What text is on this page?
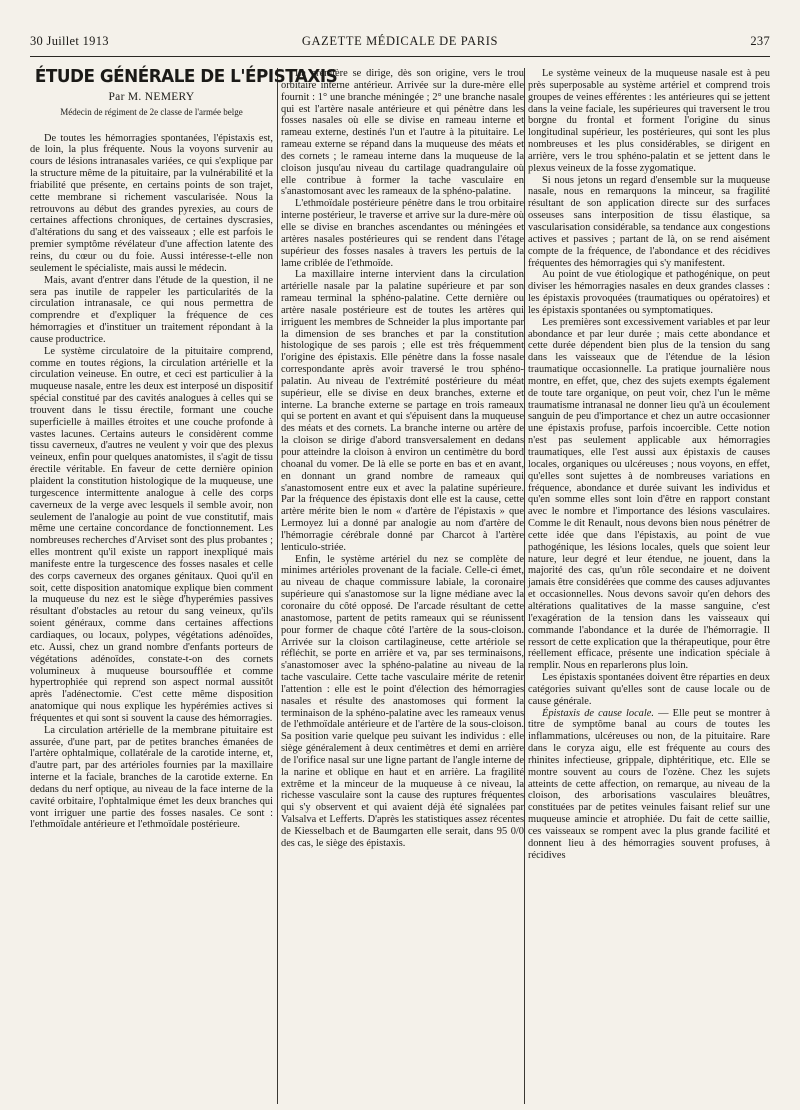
30 Juillet 1913	GAZETTE MÉDICALE DE PARIS	237
ÉTUDE GÉNÉRALE DE L'ÉPISTAXIS
Par M. NEMERY
Médecin de régiment de 2e classe de l'armée belge

De toutes les hémorragies spontanées, l'épistaxis est, de loin, la plus fréquente. Nous la voyons survenir au cours de lésions intranasales variées, ce qui s'explique par la structure même de la pituitaire, par la vulnérabilité et la friabilité que présente, en certains points de son trajet, cette membrane si richement vascularisée. Nous la retrouvons au début des grandes pyrexies, au cours de certaines affections chroniques, de certaines dyscrasies, d'altérations du sang et des vaisseaux ; elle est parfois le premier symptôme révélateur d'une affection latente des reins, du cœur ou du foie. Aussi intéresse-t-elle non seulement le spécialiste, mais aussi le médecin.

Mais, avant d'entrer dans l'étude de la question, il ne sera pas inutile de rappeler les particularités de la circulation intranasale, ce qui nous permettra de comprendre et d'expliquer la fréquence de ces hémorragies et d'instituer un traitement répondant à la cause productrice.

Le système circulatoire de la pituitaire comprend, comme en toutes régions, la circulation artérielle et la circulation veineuse. En outre, et ceci est particulier à la muqueuse nasale, entre les deux est interposé un dispositif spécial constitué par des cavités analogues à celles qui se trouvent dans le tissu érectile, formant une couche superficielle à mailles étroites et une couche profonde à vastes lacunes. Certains auteurs le considèrent comme tissu caverneux, d'autres ne veulent y voir que des plexus veineux, enfin pour quelques anatomistes, il s'agit de tissu érectile véritable. En faveur de cette dernière opinion plaident la constitution histologique de la muqueuse, une turgescence intermittente analogue à celle des corps caverneux de la verge avec lesquels il semble avoir, non seulement de l'analogie au point de vue constitutif, mais même une certaine concordance de fonctionnement. Les nombreuses recherches d'Arviset sont des plus probantes ; elles montrent qu'il existe un rapport inexpliqué mais manifeste entre la turgescence des fosses nasales et celle des corps caverneux des organes génitaux. Quoi qu'il en soit, cette disposition anatomique explique bien comment la muqueuse du nez est le siège d'hyperémies passives résultant d'obstacles au retour du sang veineux, qu'ils soient généraux, comme dans certaines affections cardiaques, ou locaux, polypes, végétations adénoïdes, etc. Aussi, chez un grand nombre d'enfants porteurs de végétations adénoïdes, constate-t-on des cornets volumineux à muqueuse boursoufflée et comme hypertrophiée qui reprend son aspect normal aussitôt après l'adénectomie. C'est cette même disposition anatomique qui nous explique les hypérémies actives si fréquentes et qui sont si souvent la cause des hémorragies.

La circulation artérielle de la membrane pituitaire est assurée, d'une part, par de petites branches émanées de l'artère ophtalmique, collatérale de la carotide interne, et, d'autre part, par des artérioles fournies par la maxillaire interne et la faciale, branches de la carotide externe. En dedans du nerf optique, au niveau de la face interne de la cavité orbitaire, l'ophtalmique émet les deux branches qui vont irriguer une partie des fosses nasales. Ce sont : l'ethmoïdale antérieure et l'ethmoïdale postérieure.

La première se dirige, dès son origine, vers le trou orbitaire interne antérieur. Arrivée sur la dure-mère elle fournit : 1° une branche méningée ; 2° une branche nasale qui est l'artère nasale antérieure et qui pénètre dans les fosses nasales où elle se divise en rameau interne et rameau externe, destinés l'un et l'autre à la pituitaire. Le rameau externe se répand dans la muqueuse des méats et des cornets ; le rameau interne dans la muqueuse de la cloison jusqu'au niveau du cartilage quadrangulaire où elle contribue à former la tache vasculaire en s'anastomosant avec les rameaux de la sphéno-palatine.

L'ethmoïdale postérieure pénètre dans le trou orbitaire interne postérieur, le traverse et arrive sur la dure-mère où elle se divise en branches ascendantes ou méningées et artères nasales postérieures qui se rendent dans l'étage supérieur des fosses nasales à travers les pertuis de la lame criblée de l'ethmoïde.

La maxillaire interne intervient dans la circulation artérielle nasale par la palatine supérieure et par son rameau terminal la sphéno-palatine. Cette dernière ou artère nasale postérieure est de toutes les artères qui irriguent les membres de Schneider la plus importante par la dimension de ses branches et par la constitution histologique de ses parois ; elle est très fréquemment l'origine des épistaxis. Elle pénètre dans la fosse nasale correspondante après avoir traversé le trou sphéno-palatin. Au niveau de l'extrémité postérieure du méat supérieur, elle se divise en deux branches, externe et interne. La branche externe se partage en trois rameaux qui se portent en avant et qui s'épuisent dans la muqueuse des méats et des cornets. La branche interne ou artère de la cloison se dirige d'abord transversalement en dedans pour atteindre la cloison à environ un centimètre du bord choanal du vomer. De là elle se porte en bas et en avant, en donnant un grand nombre de rameaux qui s'anastomosent entre eux et avec la palatine supérieure. Par la fréquence des épistaxis dont elle est la cause, cette artère mérite bien le nom « d'artère de l'épistaxis » que Lermoyez lui a donné par analogie au nom d'artère de l'hémorragie cérébrale donné par Charcot à l'artère lenticulo-striée.

Enfin, le système artériel du nez se complète de minimes artérioles provenant de la faciale. Celle-ci émet, au niveau de chaque commissure labiale, la coronaire supérieure qui s'anastomose sur la ligne médiane avec la coronaire du côté opposé. De l'arcade résultant de cette anastomose, partent de petits rameaux qui se réunissent pour former de chaque côté l'artère de la sous-cloison. Arrivée sur la cloison cartilagineuse, cette artériole se réfléchit, se porte en arrière et va, par ses terminaisons, s'anastomoser avec la sphéno-palatine au niveau de la tache vasculaire. Cette tache vasculaire mérite de retenir l'attention : elle est le point d'élection des hémorragies nasales et résulte des anastomoses qui forment la terminaison de la sphéno-palatine avec les rameaux venus de l'ethmoïdale antérieure et de l'artère de la sous-cloison. Sa position varie quelque peu suivant les individus : elle siège généralement à deux centimètres et demi en arrière de l'orifice nasal sur une ligne partant de l'angle interne de la narine et oblique en haut et en arrière. La fragilité extrême et la minceur de la muqueuse à ce niveau, la richesse vasculaire sont la cause des ruptures fréquentes qui s'y observent et qui avaient déjà été signalées par Valsalva et Lefferts. D'après les statistiques assez récentes de Kiesselbach et de Baumgarten elle serait, dans 95 0/0 des cas, le siège des épistaxis.

Le système veineux de la muqueuse nasale est à peu près superposable au système artériel et comprend trois groupes de veines efférentes : les antérieures qui se jettent dans la veine faciale, les supérieures qui traversent le trou borgne du frontal et forment l'origine du sinus longitudinal supérieur, les postérieures, qui sont les plus nombreuses et les plus considérables, se dirigent en arrière, vers le trou sphéno-palatin et se jettent dans le plexus veineux de la fosse zygomatique.

Si nous jetons un regard d'ensemble sur la muqueuse nasale, nous en remarquons la minceur, sa fragilité résultant de son application directe sur des surfaces osseuses sans interposition de tissu élastique, sa vascularisation considérable, sa tendance aux congestions actives et passives ; partant de là, on se rend aisément compte de la fréquence, de l'abondance et des récidives fréquentes des hémorragies qui s'y manifestent.

Au point de vue étiologique et pathogénique, on peut diviser les hémorragies nasales en deux grandes classes : les épistaxis provoquées (traumatiques ou opératoires) et les épistaxis spontanées ou symptomatiques.

Les premières sont excessivement variables et par leur abondance et par leur durée ; mais cette abondance et cette durée dépendent bien plus de la tension du sang dans les vaisseaux que de l'étendue de la lésion traumatique occasionnelle. La pratique journalière nous montre, en effet, que, chez des sujets exempts également de toute tare organique, on peut voir, chez l'un le même traumatisme intranasal ne donner lieu qu'à un écoulement sanguin de peu d'importance et chez un autre occasionner une épistaxis profuse, parfois incoercible. Cette notion n'est pas seulement applicable aux hémorragies traumatiques, elle l'est aussi aux épistaxis de causes locales, organiques ou ulcéreuses ; nous voyons, en effet, qu'elles sont sujettes à de nombreuses variations en fréquence, abondance et durée suivant les individus et qu'en somme elles sont loin d'être en rapport constant avec le nombre et l'importance des lésions vasculaires. Comme le dit Renault, nous devons bien nous pénétrer de cette idée que dans l'épistaxis, au point de vue pathogénique, les lésions locales, quels que soient leur nature, leur degré et leur étendue, ne jouent, dans la majorité des cas, qu'un rôle secondaire et ne doivent jamais être considérées que comme des causes adjuvantes et occasionnelles. Nous devons savoir qu'en dehors des altérations qualitatives de la masse sanguine, c'est l'exagération de la tension dans les vaisseaux qui commande l'abondance et la durée de l'hémorragie. Il ressort de cette explication que la thérapeutique, pour être réellement efficace, présente une indication spéciale à remplir. Nous en reparlerons plus loin.

Les épistaxis spontanées doivent être réparties en deux catégories suivant qu'elles sont de cause locale ou de cause générale.

Épistaxis de cause locale. — Elle peut se montrer à titre de symptôme banal au cours de toutes les inflammations, ulcéreuses ou non, de la pituitaire. Rare dans le coryza aigu, elle est fréquente au cours des rhinites infectieuse, grippale, diphtéritique, etc. Elle se montre souvent au cours de l'ozène. Chez les sujets atteints de cette affection, on remarque, au niveau de la cloison, des arborisations vasculaires bleuâtres, constituées par de petites veinules faisant relief sur une muqueuse amincie et atrophiée. Du fait de cette saillie, ces vaisseaux se rompent avec la plus grande facilité et donnent lieu à des hémorragies souvent profuses, à récidives
